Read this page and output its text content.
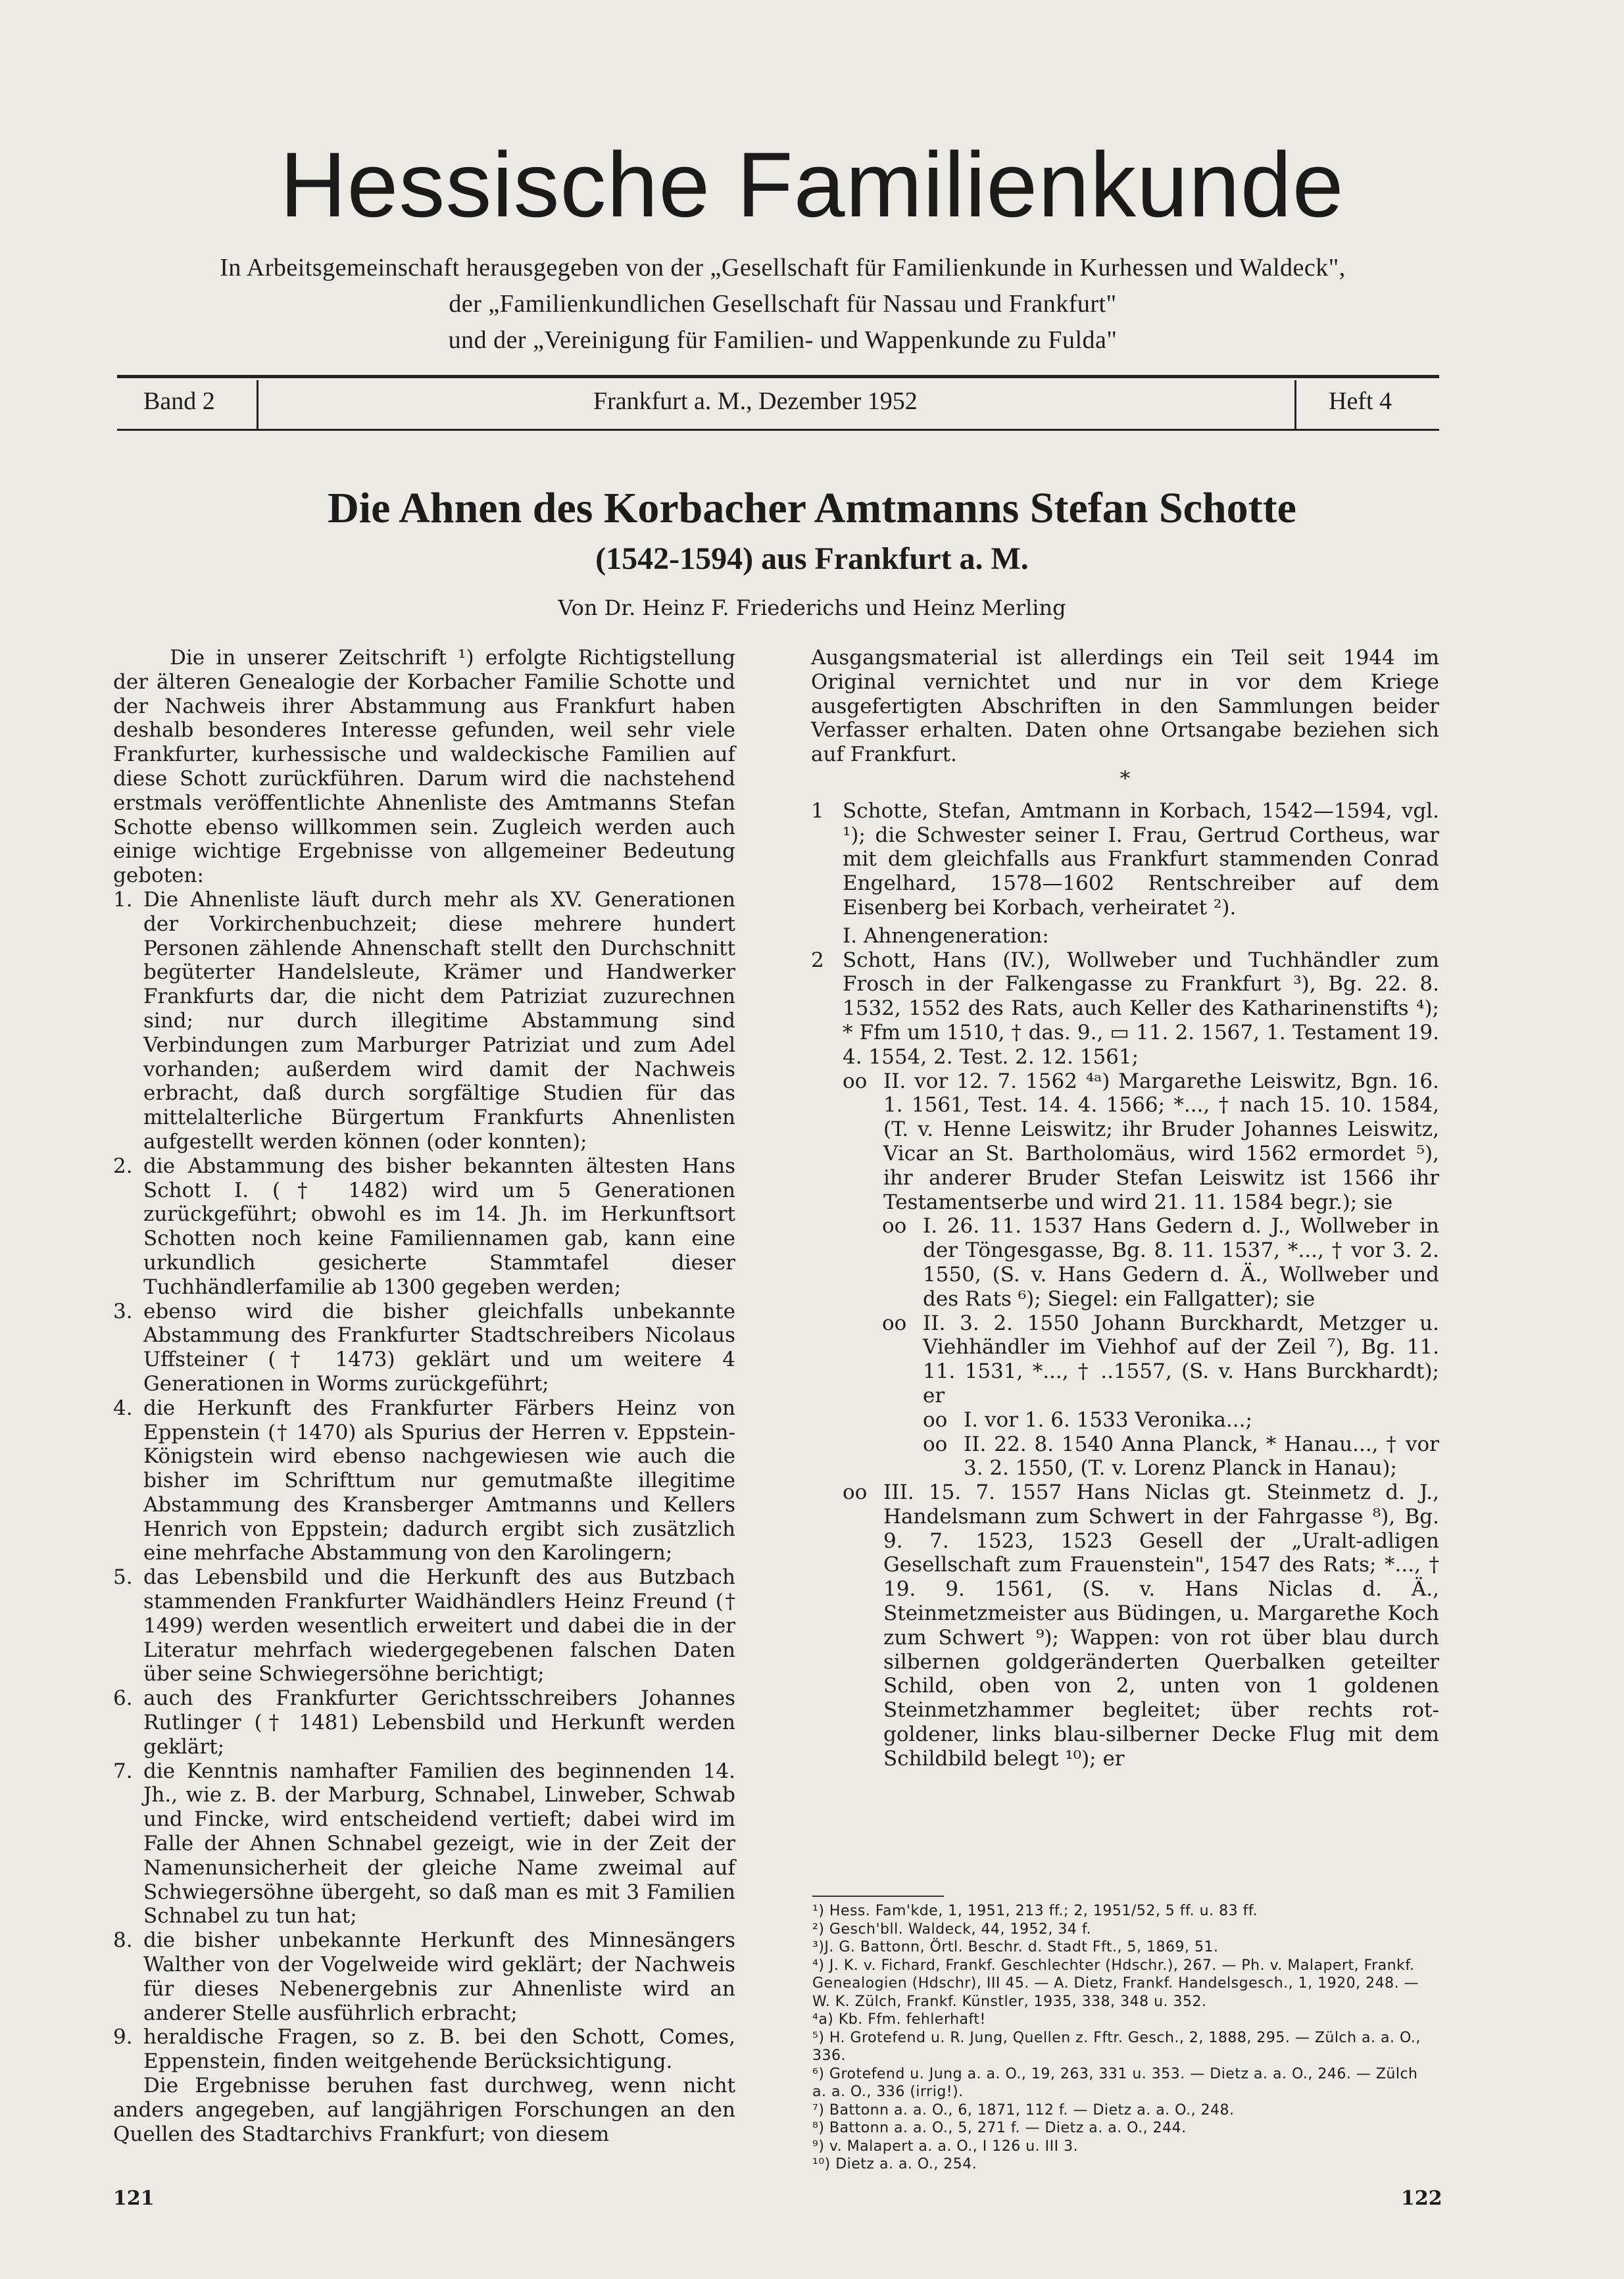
Hessische Familienkunde
In Arbeitsgemeinschaft herausgegeben von der „Gesellschaft für Familienkunde in Kurhessen und Waldeck",
der „Familienkundlichen Gesellschaft für Nassau und Frankfurt"
und der „Vereinigung für Familien- und Wappenkunde zu Fulda"
Band 2	Frankfurt a. M., Dezember 1952	Heft 4
Die Ahnen des Korbacher Amtmanns Stefan Schotte
(1542-1594) aus Frankfurt a. M.
Von Dr. Heinz F. Friederichs und Heinz Merling

Die in unserer Zeitschrift ¹) erfolgte Richtigstellung der älteren Genealogie der Korbacher Familie Schotte und der Nachweis ihrer Abstammung aus Frankfurt haben deshalb besonderes Interesse gefunden, weil sehr viele Frankfurter, kurhessische und waldeckische Familien auf diese Schott zurückführen. Darum wird die nachstehend erstmals veröffentlichte Ahnenliste des Amtmanns Stefan Schotte ebenso willkommen sein. Zugleich werden auch einige wichtige Ergebnisse von allgemeiner Bedeutung geboten:

1. Die Ahnenliste läuft durch mehr als XV. Generationen der Vorkirchenbuchzeit; diese mehrere hundert Personen zählende Ahnenschaft stellt den Durchschnitt begüterter Handelsleute, Krämer und Handwerker Frankfurts dar, die nicht dem Patriziat zuzurechnen sind; nur durch illegitime Abstammung sind Verbindungen zum Marburger Patriziat und zum Adel vorhanden; außerdem wird damit der Nachweis erbracht, daß durch sorgfältige Studien für das mittelalterliche Bürgertum Frankfurts Ahnenlisten aufgestellt werden können (oder konnten);

2. die Abstammung des bisher bekannten ältesten Hans Schott I. († 1482) wird um 5 Generationen zurückgeführt; obwohl es im 14. Jh. im Herkunftsort Schotten noch keine Familiennamen gab, kann eine urkundlich gesicherte Stammtafel dieser Tuchhändlerfamilie ab 1300 gegeben werden;

3. ebenso wird die bisher gleichfalls unbekannte Abstammung des Frankfurter Stadtschreibers Nicolaus Uffsteiner († 1473) geklärt und um weitere 4 Generationen in Worms zurückgeführt;

4. die Herkunft des Frankfurter Färbers Heinz von Eppenstein († 1470) als Spurius der Herren v. Eppstein-Königstein wird ebenso nachgewiesen wie auch die bisher im Schrifttum nur gemutmaßte illegitime Abstammung des Kransberger Amtmanns und Kellers Henrich von Eppstein; dadurch ergibt sich zusätzlich eine mehrfache Abstammung von den Karolingern;

5. das Lebensbild und die Herkunft des aus Butzbach stammenden Frankfurter Waidhändlers Heinz Freund († 1499) werden wesentlich erweitert und dabei die in der Literatur mehrfach wiedergegebenen falschen Daten über seine Schwiegersöhne berichtigt;

6. auch des Frankfurter Gerichtsschreibers Johannes Rutlinger († 1481) Lebensbild und Herkunft werden geklärt;

7. die Kenntnis namhafter Familien des beginnenden 14. Jh., wie z. B. der Marburg, Schnabel, Linweber, Schwab und Fincke, wird entscheidend vertieft; dabei wird im Falle der Ahnen Schnabel gezeigt, wie in der Zeit der Namenunsicherheit der gleiche Name zweimal auf Schwiegersöhne übergeht, so daß man es mit 3 Familien Schnabel zu tun hat;

8. die bisher unbekannte Herkunft des Minnesängers Walther von der Vogelweide wird geklärt; der Nachweis für dieses Nebenergebnis zur Ahnenliste wird an anderer Stelle ausführlich erbracht;

9. heraldische Fragen, so z. B. bei den Schott, Comes, Eppenstein, finden weitgehende Berücksichtigung.

Die Ergebnisse beruhen fast durchweg, wenn nicht anders angegeben, auf langjährigen Forschungen an den Quellen des Stadtarchivs Frankfurt; von diesem

Ausgangsmaterial ist allerdings ein Teil seit 1944 im Original vernichtet und nur in vor dem Kriege ausgefertigten Abschriften in den Sammlungen beider Verfasser erhalten. Daten ohne Ortsangabe beziehen sich auf Frankfurt.

*

1 Schotte, Stefan, Amtmann in Korbach, 1542—1594, vgl. ¹); die Schwester seiner I. Frau, Gertrud Cortheus, war mit dem gleichfalls aus Frankfurt stammenden Conrad Engelhard, 1578—1602 Rentschreiber auf dem Eisenberg bei Korbach, verheiratet ²).

I. Ahnengeneration:

2 Schott, Hans (IV.), Wollweber und Tuchhändler zum Frosch in der Falkengasse zu Frankfurt ³), Bg. 22. 8. 1532, 1552 des Rats, auch Keller des Katharinenstifts ⁴); * Ffm um 1510, † das. 9., ▭ 11. 2. 1567, 1. Testament 19. 4. 1554, 2. Test. 2. 12. 1561;

oo II. vor 12. 7. 1562 ⁴ᵃ) Margarethe Leiswitz, Bgn. 16. 1. 1561, Test. 14. 4. 1566; *..., † nach 15. 10. 1584, (T. v. Henne Leiswitz; ihr Bruder Johannes Leiswitz, Vicar an St. Bartholomäus, wird 1562 ermordet ⁵), ihr anderer Bruder Stefan Leiswitz ist 1566 ihr Testamentserbe und wird 21. 11. 1584 begr.); sie

oo I. 26. 11. 1537 Hans Gedern d. J., Wollweber in der Töngesgasse, Bg. 8. 11. 1537, *..., † vor 3. 2. 1550, (S. v. Hans Gedern d. Ä., Wollweber und des Rats ⁶); Siegel: ein Fallgatter); sie

oo II. 3. 2. 1550 Johann Burckhardt, Metzger u. Viehhändler im Viehhof auf der Zeil ⁷), Bg. 11. 11. 1531, *..., † ..1557, (S. v. Hans Burckhardt); er

oo I. vor 1. 6. 1533 Veronika...;

oo II. 22. 8. 1540 Anna Planck, * Hanau..., † vor 3. 2. 1550, (T. v. Lorenz Planck in Hanau);

oo III. 15. 7. 1557 Hans Niclas gt. Steinmetz d. J., Handelsmann zum Schwert in der Fahrgasse ⁸), Bg. 9. 7. 1523, 1523 Gesell der „Uralt-adligen Gesellschaft zum Frauenstein", 1547 des Rats; *..., † 19. 9. 1561, (S. v. Hans Niclas d. Ä., Steinmetzmeister aus Büdingen, u. Margarethe Koch zum Schwert ⁹); Wappen: von rot über blau durch silbernen goldgeränderten Querbalken geteilter Schild, oben von 2, unten von 1 goldenen Steinmetzhammer begleitet; über rechts rot-goldener, links blau-silberner Decke Flug mit dem Schildbild belegt ¹⁰); er

¹) Hess. Fam'kde, 1, 1951, 213 ff.; 2, 1951/52, 5 ff. u. 83 ff.

²) Gesch'bll. Waldeck, 44, 1952, 34 f.

³)J. G. Battonn, Örtl. Beschr. d. Stadt Fft., 5, 1869, 51.

⁴) J. K. v. Fichard, Frankf. Geschlechter (Hdschr.), 267. — Ph. v. Malapert, Frankf. Genealogien (Hdschr), III 45. — A. Dietz, Frankf. Handelsgesch., 1, 1920, 248. — W. K. Zülch, Frankf. Künstler, 1935, 338, 348 u. 352.

⁴a) Kb. Ffm. fehlerhaft!

⁵) H. Grotefend u. R. Jung, Quellen z. Fftr. Gesch., 2, 1888, 295. — Zülch a. a. O., 336.

⁶) Grotefend u. Jung a. a. O., 19, 263, 331 u. 353. — Dietz a. a. O., 246. — Zülch a. a. O., 336 (irrig!).

⁷) Battonn a. a. O., 6, 1871, 112 f. — Dietz a. a. O., 248.

⁸) Battonn a. a. O., 5, 271 f. — Dietz a. a. O., 244.

⁹) v. Malapert a. a. O., I 126 u. III 3.

¹⁰) Dietz a. a. O., 254.

121	122
